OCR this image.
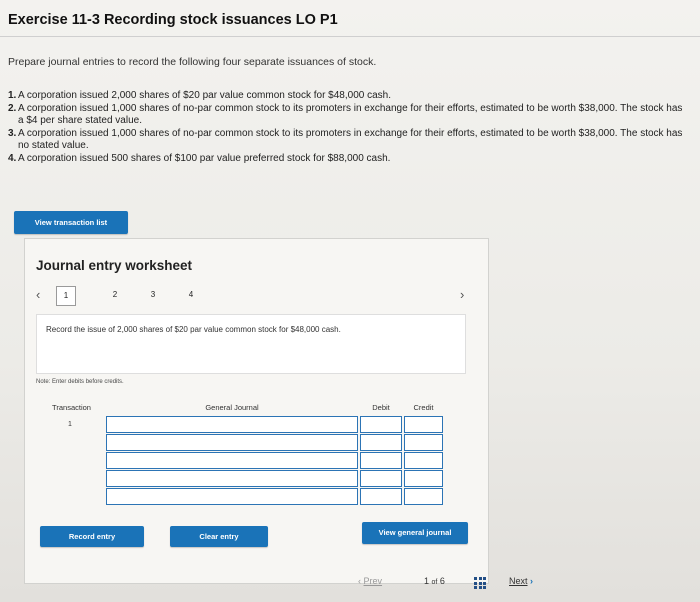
Exercise 11-3 Recording stock issuances LO P1
Prepare journal entries to record the following four separate issuances of stock.
1. A corporation issued 2,000 shares of $20 par value common stock for $48,000 cash.
2. A corporation issued 1,000 shares of no-par common stock to its promoters in exchange for their efforts, estimated to be worth $38,000. The stock has a $4 per share stated value.
3. A corporation issued 1,000 shares of no-par common stock to its promoters in exchange for their efforts, estimated to be worth $38,000. The stock has no stated value.
4. A corporation issued 500 shares of $100 par value preferred stock for $88,000 cash.
View transaction list
Journal entry worksheet
‹	1	2	3	4	›
Record the issue of 2,000 shares of $20 par value common stock for $48,000 cash.
Note: Enter debits before credits.
Transaction	General Journal	Debit	Credit
1
Record entry	Clear entry	View general journal
‹ Prev	1 of 6	Next ›
